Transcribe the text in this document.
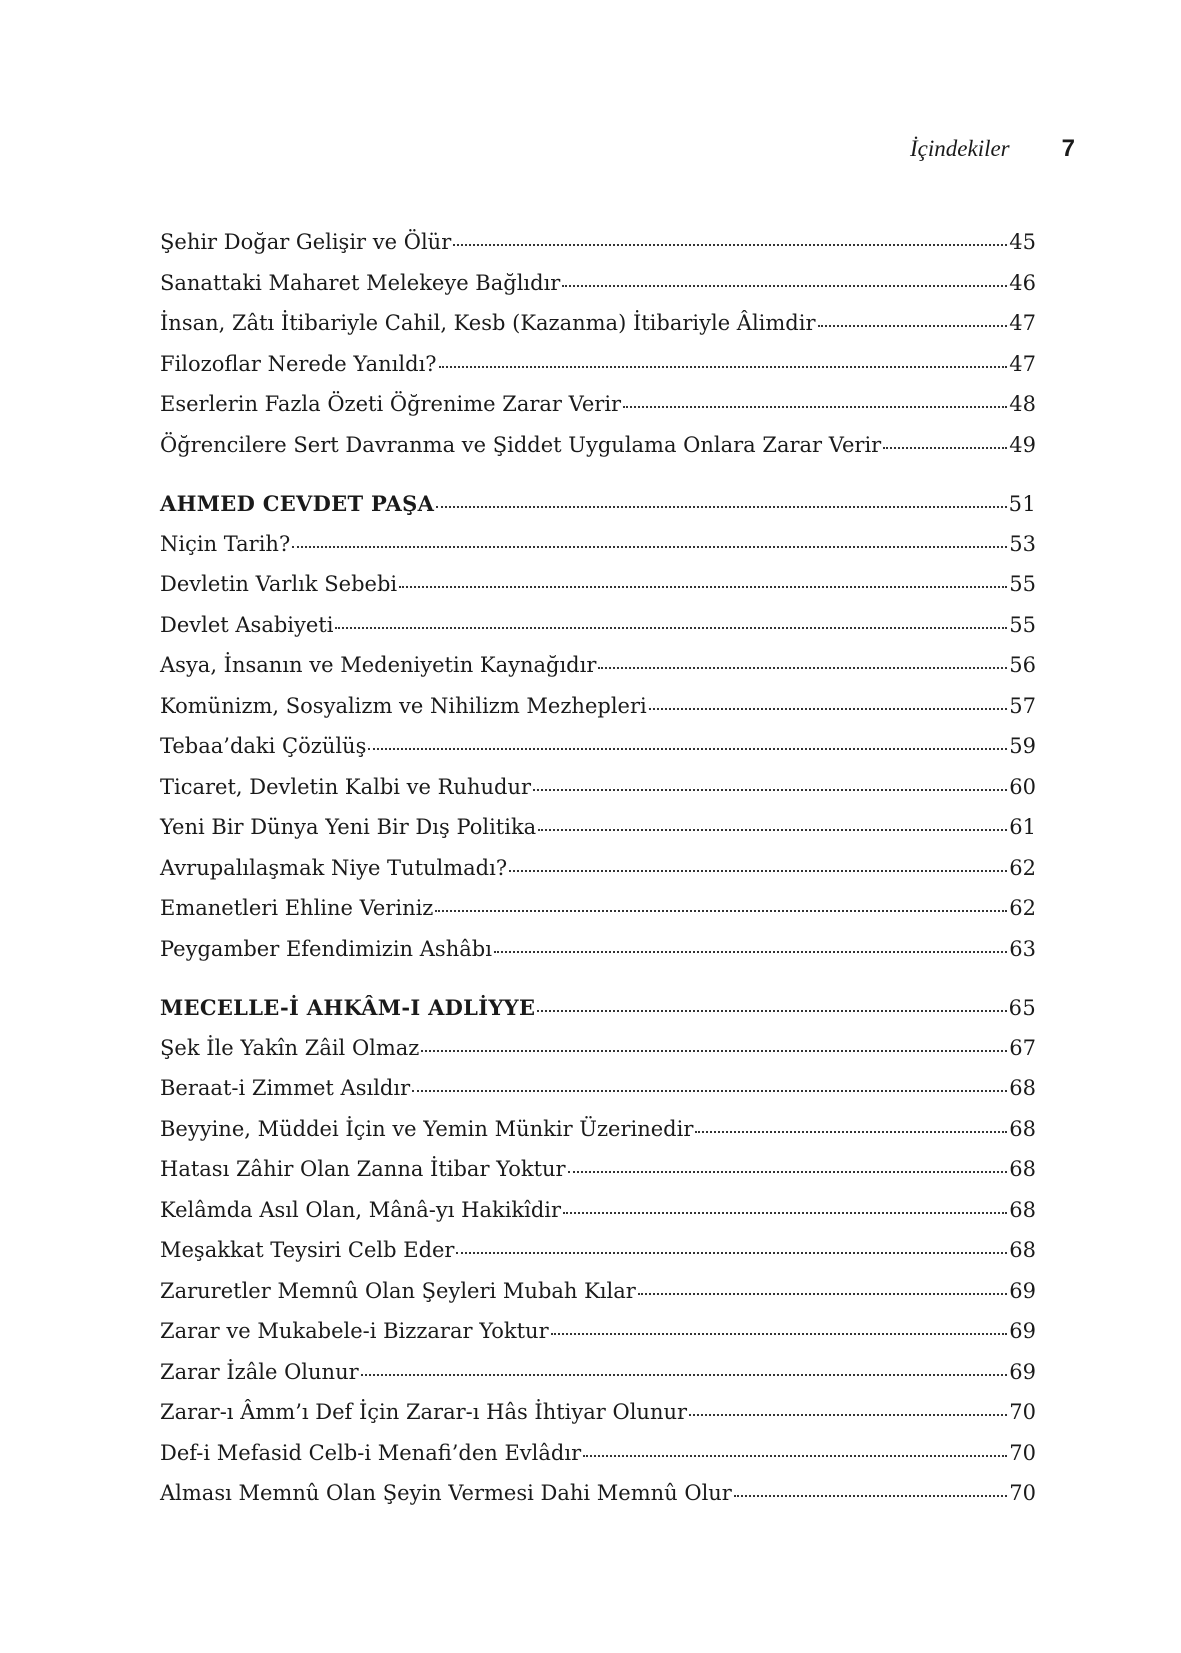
İçindekiler 7
Şehir Doğar Gelişir ve Ölür	45
Sanattaki Maharet Melekeye Bağlıdır	46
İnsan, Zâtı İtibariyle Cahil, Kesb (Kazanma) İtibariyle Âlimdir	47
Filozoflar Nerede Yanıldı?	47
Eserlerin Fazla Özeti Öğrenime Zarar Verir	48
Öğrencilere Sert Davranma ve Şiddet Uygulama Onlara Zarar Verir	49
AHMED CEVDET PAŞA	51
Niçin Tarih?	53
Devletin Varlık Sebebi	55
Devlet Asabiyeti	55
Asya, İnsanın ve Medeniyetin Kaynağıdır	56
Komünizm, Sosyalizm ve Nihilizm Mezhepleri	57
Tebaa’daki Çözülüş	59
Ticaret, Devletin Kalbi ve Ruhudur	60
Yeni Bir Dünya Yeni Bir Dış Politika	61
Avrupalılaşmak Niye Tutulmadı?	62
Emanetleri Ehline Veriniz	62
Peygamber Efendimizin Ashâbı	63
MECELLE-İ AHKÂM-I ADLİYYE	65
Şek İle Yakîn Zâil Olmaz	67
Beraat-i Zimmet Asıldır	68
Beyyine, Müddei İçin ve Yemin Münkir Üzerinedir	68
Hatası Zâhir Olan Zanna İtibar Yoktur	68
Kelâmda Asıl Olan, Mânâ-yı Hakikîdir	68
Meşakkat Teysiri Celb Eder	68
Zaruretler Memnû Olan Şeyleri Mubah Kılar	69
Zarar ve Mukabele-i Bizzarar Yoktur	69
Zarar İzâle Olunur	69
Zarar-ı Âmm’ı Def İçin Zarar-ı Hâs İhtiyar Olunur	70
Def-i Mefasid Celb-i Menafi’den Evlâdır	70
Alması Memnû Olan Şeyin Vermesi Dahi Memnû Olur	70
